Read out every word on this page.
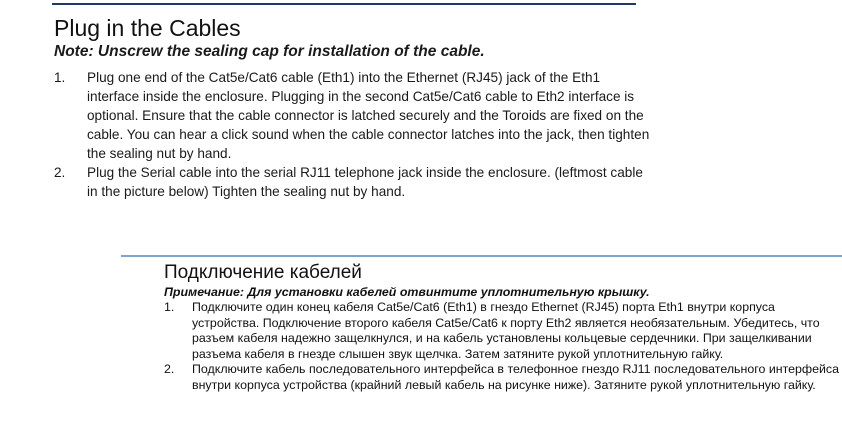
Plug in the Cables

Note: Unscrew the sealing cap for installation of the cable.

1. Plug one end of the Cat5e/Cat6 cable (Eth1) into the Ethernet (RJ45) jack of the Eth1 interface inside the enclosure. Plugging in the second Cat5e/Cat6 cable to Eth2 interface is optional. Ensure that the cable connector is latched securely and the Toroids are fixed on the cable. You can hear a click sound when the cable connector latches into the jack, then tighten the sealing nut by hand.
2. Plug the Serial cable into the serial RJ11 telephone jack inside the enclosure. (leftmost cable in the picture below) Tighten the sealing nut by hand.
Подключение кабелей

Примечание: Для установки кабелей отвинтите уплотнительную крышку.

1. Подключите один конец кабеля Cat5e/Cat6 (Eth1) в гнездо Ethernet (RJ45) порта Eth1 внутри корпуса устройства. Подключение второго кабеля Cat5e/Cat6 к порту Eth2 является необязательным. Убедитесь, что разъем кабеля надежно защелкнулся, и на кабель установлены кольцевые сердечники. При защелкивании разъема кабеля в гнезде слышен звук щелчка. Затем затяните рукой уплотнительную гайку.
2. Подключите кабель последовательного интерфейса в телефонное гнездо RJ11 последовательного интерфейса внутри корпуса устройства (крайний левый кабель на рисунке ниже). Затяните рукой уплотнительную гайку.
